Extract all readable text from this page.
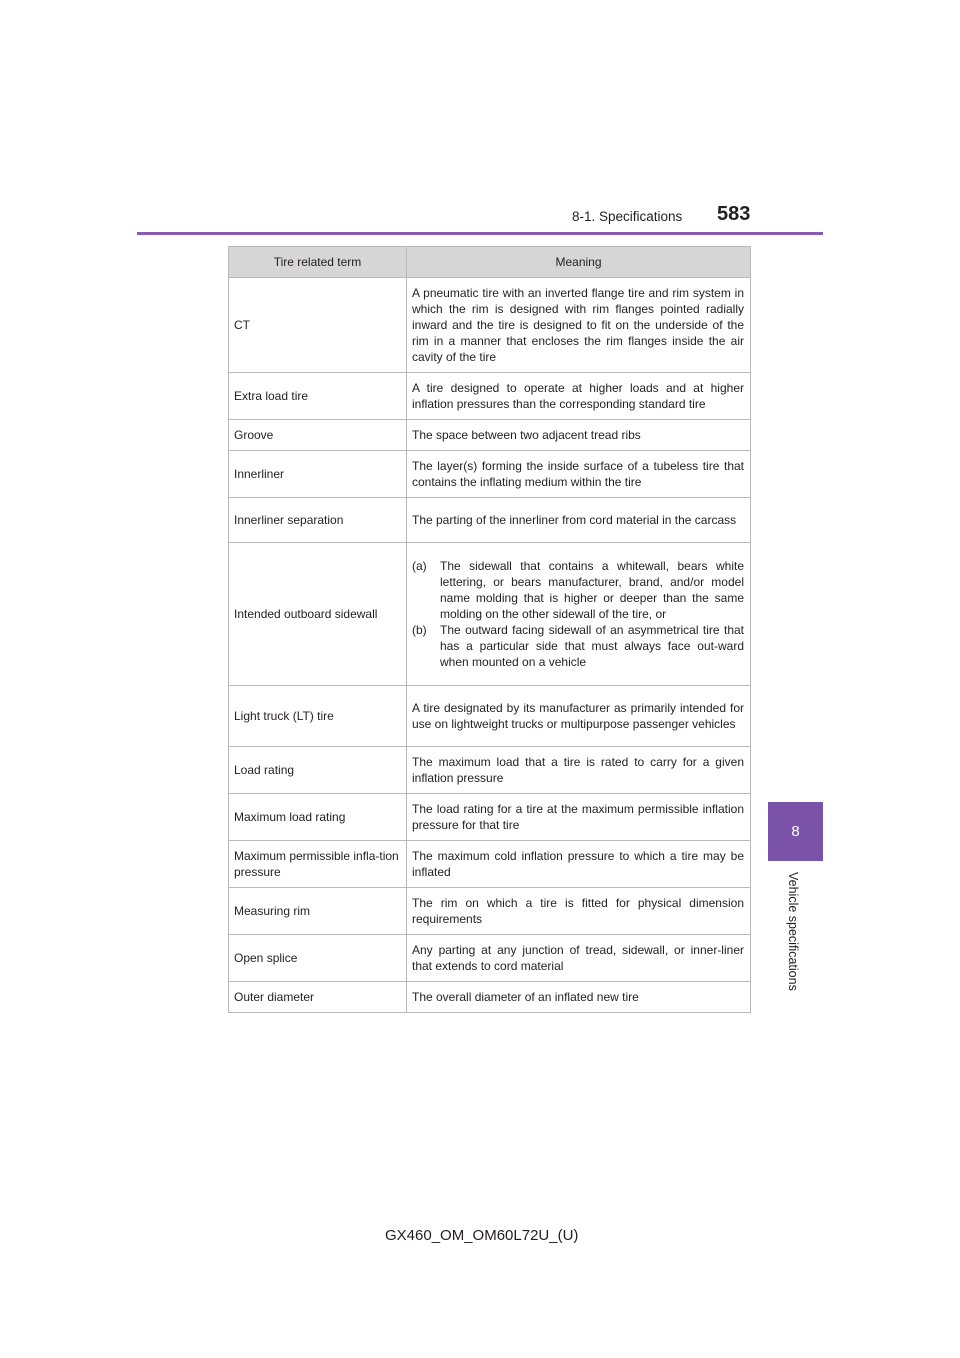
8-1. Specifications 583
8
Vehicle specifications
Tire related term	Meaning
CT	A pneumatic tire with an inverted flange tire and rim system in which the rim is designed with rim flanges pointed radially inward and the tire is designed to fit on the underside of the rim in a manner that encloses the rim flanges inside the air cavity of the tire
Extra load tire	A tire designed to operate at higher loads and at higher inflation pressures than the corresponding standard tire
Groove	The space between two adjacent tread ribs
Innerliner	The layer(s) forming the inside surface of a tubeless tire that contains the inflating medium within the tire
Innerliner separation	The parting of the innerliner from cord material in the carcass
Intended outboard sidewall	(a) The sidewall that contains a whitewall, bears white lettering, or bears manufacturer, brand, and/or model name molding that is higher or deeper than the same molding on the other sidewall of the tire, or
(b) The outward facing sidewall of an asymmetrical tire that has a particular side that must always face out-ward when mounted on a vehicle

Light truck (LT) tire	A tire designated by its manufacturer as primarily intended for use on lightweight trucks or multipurpose passenger vehicles
Load rating	The maximum load that a tire is rated to carry for a given inflation pressure
Maximum load rating	The load rating for a tire at the maximum permissible inflation pressure for that tire
Maximum permissible infla-tion pressure	The maximum cold inflation pressure to which a tire may be inflated
Measuring rim	The rim on which a tire is fitted for physical dimension requirements
Open splice	Any parting at any junction of tread, sidewall, or inner-liner that extends to cord material
Outer diameter	The overall diameter of an inflated new tire
GX460_OM_OM60L72U_(U)
